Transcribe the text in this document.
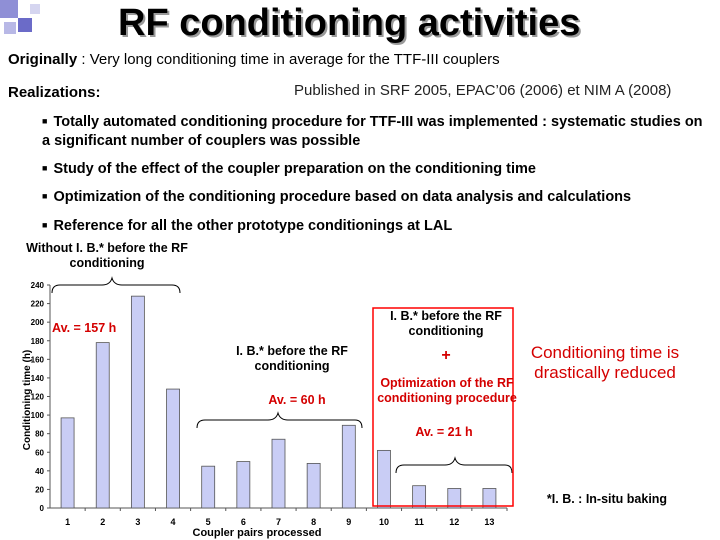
RF conditioning activities
Originally : Very long conditioning time in average for the TTF-III couplers
Realizations:	Published in SRF 2005, EPAC’06 (2006) et NIM A (2008)
■ Totally automated conditioning procedure for TTF-III was implemented : systematic studies on a significant number of couplers was possible
■ Study of the effect of the coupler preparation on the conditioning time
■ Optimization of the conditioning procedure based on data analysis and calculations
■ Reference for all the other prototype conditionings at LAL
Without I. B.* before the RF conditioning
0
20
40
60
80
100
120
140
160
180
200
220
240
1	2	3	4	5	6	7	8	9	10	11	12	13
Conditioning time (h)
Coupler pairs processed
Av. = 157 h
I. B.* before the RF conditioning
Av. = 60 h
I. B.* before the RF conditioning
+
Optimization of the RF conditioning procedure
Av. = 21 h
Conditioning time is drastically reduced
*I. B. : In-situ baking
